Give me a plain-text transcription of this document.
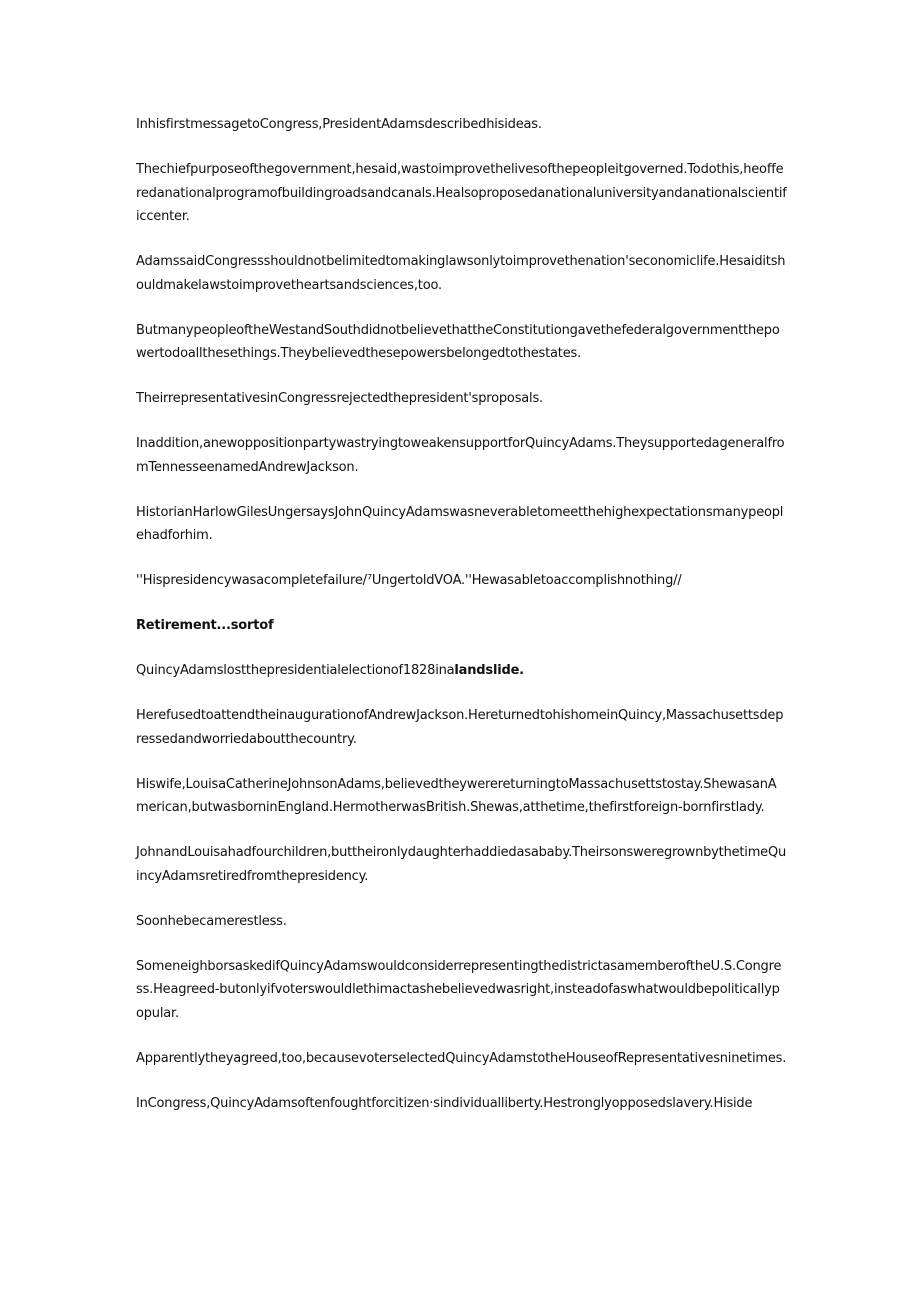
InhisfirstmessagetoCongress,PresidentAdamsdescribedhisideas.

Thechiefpurposeofthegovernment,hesaid,wastoimprovethelivesofthepeopleitgoverned.Todothis,heofferedanationalprogramofbuildingroadsandcanals.Healsoproposedanationaluniversityandanationalscientificcenter.

AdamssaidCongressshouldnotbelimitedtomakinglawsonlytoimprovethenation'seconomiclife.Hesaiditshouldmakelawstoimprovetheartsandsciences,too.

ButmanypeopleoftheWestandSouthdidnotbelievethattheConstitutiongavethefederalgovernmentthepowertodoallthesethings.Theybelievedthesepowersbelongedtothestates.

TheirrepresentativesinCongressrejectedthepresident'sproposals.

Inaddition,anewoppositionpartywastryingtoweakensupportforQuincyAdams.TheysupportedageneralfromTennesseenamedAndrewJackson.

HistorianHarlowGilesUngersaysJohnQuincyAdamswasneverabletomeetthehighexpectationsmanypeoplehadforhim.

''Hispresidencywasacompletefailure/⁷UngertoldVOA.''Hewasabletoaccomplishnothing//

Retirement...sortof

QuincyAdamslostthepresidentialelectionof1828inalandslide.

HerefusedtoattendtheinaugurationofAndrewJackson.HereturnedtohishomeinQuincy,Massachusettsdepressedandworriedaboutthecountry.

Hiswife,LouisaCatherineJohnsonAdams,believedtheywerereturningtoMassachusettstostay.ShewasanAmerican,butwasborninEngland.HermotherwasBritish.Shewas,atthetime,thefirstforeign-bornfirstlady.

JohnandLouisahadfourchildren,buttheironlydaughterhaddiedasababy.TheirsonsweregrownbythetimeQuincyAdamsretiredfromthepresidency.

Soonhebecamerestless.

SomeneighborsaskedifQuincyAdamswouldconsiderrepresentingthedistrictasamemberoftheU.S.Congress.Heagreed-butonlyifvoterswouldlethimactashebelievedwasright,insteadofaswhatwouldbepoliticallypopular.

Apparentlytheyagreed,too,becausevoterselectedQuincyAdamstotheHouseofRepresentativesninetimes.

InCongress,QuincyAdamsoftenfoughtforcitizen·sindividualliberty.Hestronglyopposedslavery.Hiside
